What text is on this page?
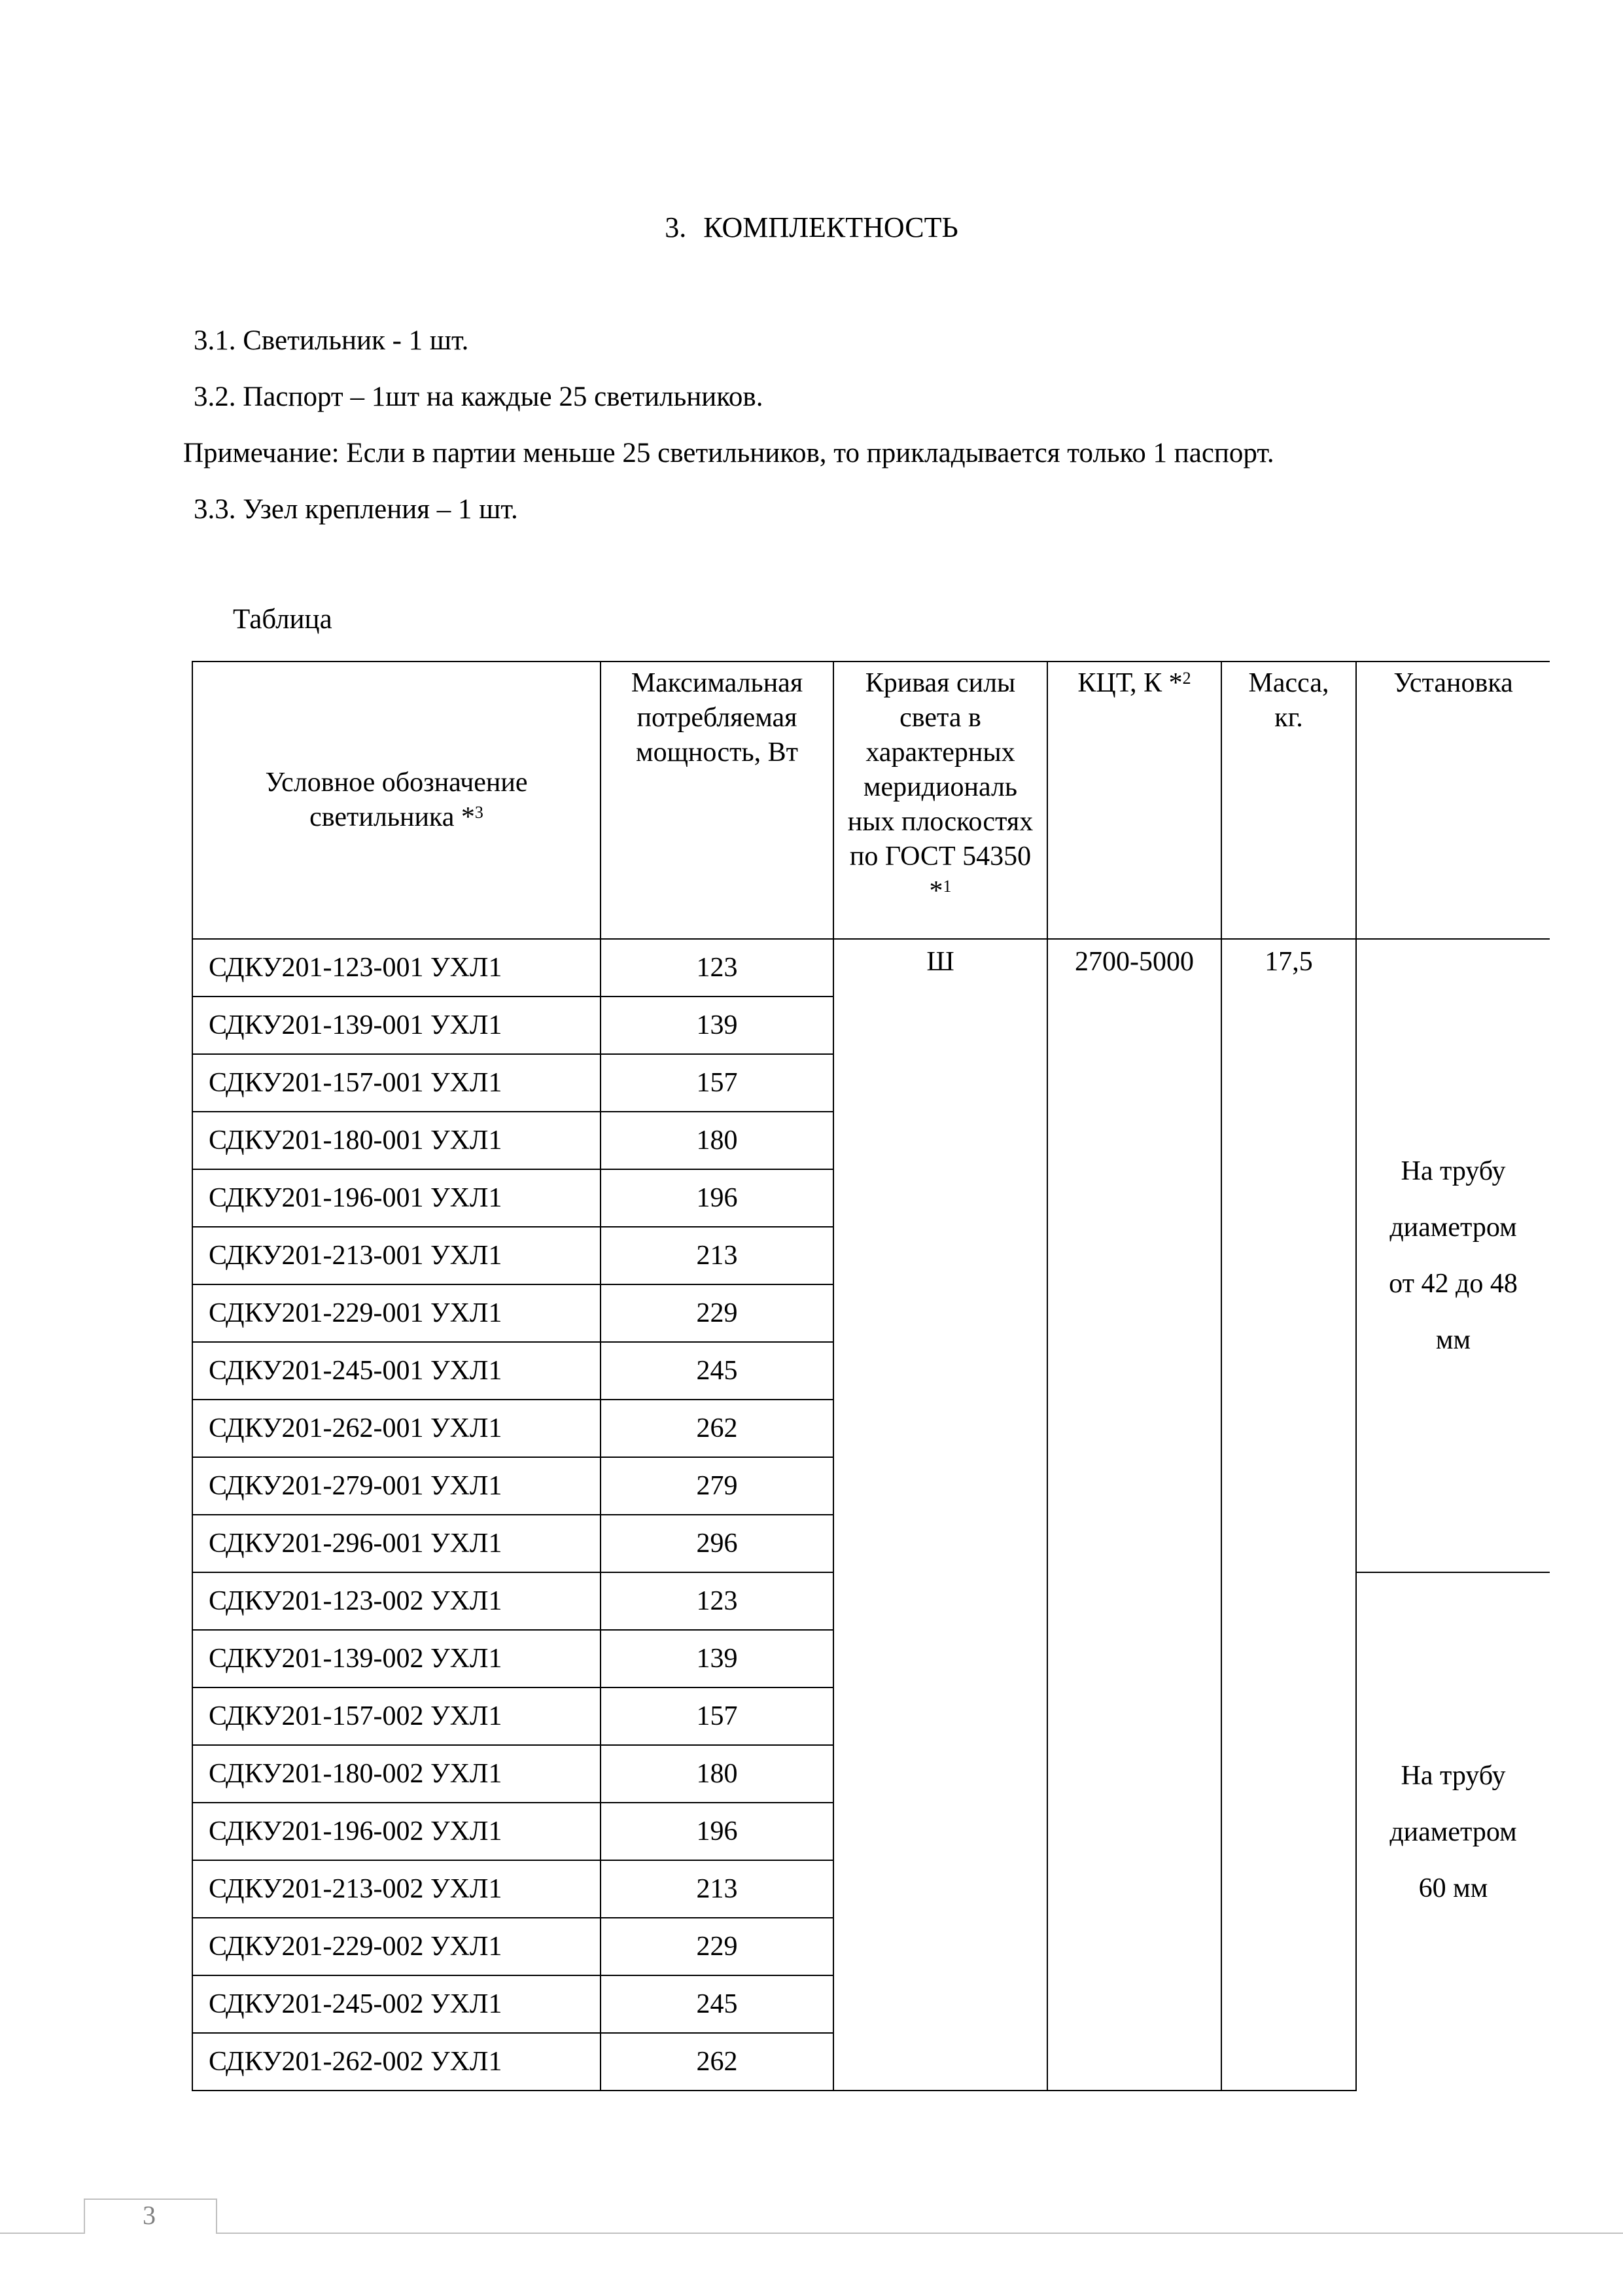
3. КОМПЛЕКТНОСТЬ
3.1. Светильник - 1 шт.
3.2. Паспорт – 1шт на каждые 25 светильников.
Примечание: Если в партии меньше 25 светильников, то прикладывается только 1 паспорт.
3.3. Узел крепления – 1 шт.
Таблица
Условное обозначение светильника *$^3$	Максимальная потребляемая мощность, Вт	Кривая силы света в характерных меридиональ ных плоскостях по ГОСТ 54350 *$^1$	КЦТ, К *$^2$	Масса, кг.	Установка
СДКУ201-123-001 УХЛ1	123	Ш	2700-5000	17,5	На трубу диаметром от 42 до 48 мм
СДКУ201-139-001 УХЛ1	139				
СДКУ201-157-001 УХЛ1	157				
СДКУ201-180-001 УХЛ1	180				
СДКУ201-196-001 УХЛ1	196				
СДКУ201-213-001 УХЛ1	213				
СДКУ201-229-001 УХЛ1	229				
СДКУ201-245-001 УХЛ1	245				
СДКУ201-262-001 УХЛ1	262				
СДКУ201-279-001 УХЛ1	279				
СДКУ201-296-001 УХЛ1	296				
СДКУ201-123-002 УХЛ1	123				На трубу диаметром 60 мм
СДКУ201-139-002 УХЛ1	139				
СДКУ201-157-002 УХЛ1	157				
СДКУ201-180-002 УХЛ1	180				
СДКУ201-196-002 УХЛ1	196				
СДКУ201-213-002 УХЛ1	213				
СДКУ201-229-002 УХЛ1	229				
СДКУ201-245-002 УХЛ1	245				
СДКУ201-262-002 УХЛ1	262				
3
